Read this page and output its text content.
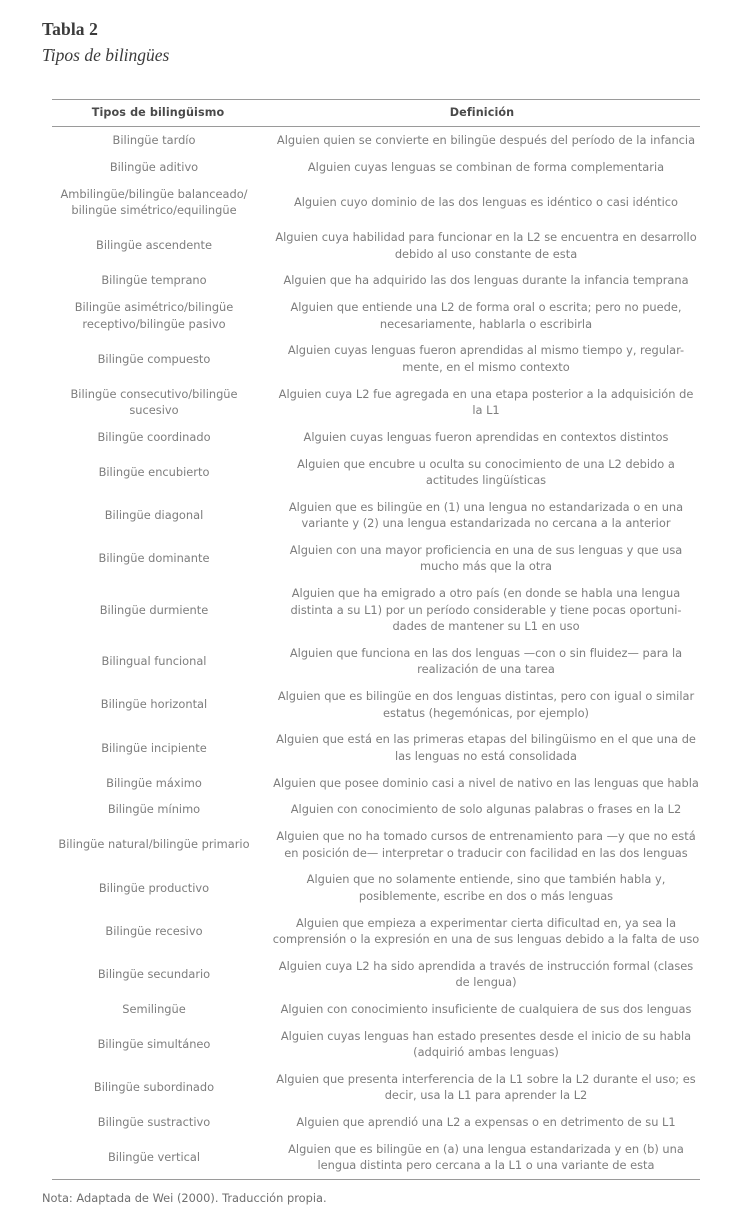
Tabla 2
Tipos de bilingües
Tipos de bilingüismo	Definición
Bilingüe tardío	Alguien quien se convierte en bilingüe después del período de la infancia
Bilingüe aditivo	Alguien cuyas lenguas se combinan de forma complementaria
Ambilingüe/bilingüe balanceado/ bilingüe simétrico/equilingüe	Alguien cuyo dominio de las dos lenguas es idéntico o casi idéntico
Bilingüe ascendente	Alguien cuya habilidad para funcionar en la L2 se encuentra en desarrollo debido al uso constante de esta
Bilingüe temprano	Alguien que ha adquirido las dos lenguas durante la infancia temprana
Bilingüe asimétrico/bilingüe receptivo/bilingüe pasivo	Alguien que entiende una L2 de forma oral o escrita; pero no puede, necesariamente, hablarla o escribirla
Bilingüe compuesto	Alguien cuyas lenguas fueron aprendidas al mismo tiempo y, regular- mente, en el mismo contexto
Bilingüe consecutivo/bilingüe sucesivo	Alguien cuya L2 fue agregada en una etapa posterior a la adquisición de la L1
Bilingüe coordinado	Alguien cuyas lenguas fueron aprendidas en contextos distintos
Bilingüe encubierto	Alguien que encubre u oculta su conocimiento de una L2 debido a actitudes lingüísticas
Bilingüe diagonal	Alguien que es bilingüe en (1) una lengua no estandarizada o en una variante y (2) una lengua estandarizada no cercana a la anterior
Bilingüe dominante	Alguien con una mayor proficiencia en una de sus lenguas y que usa mucho más que la otra
Bilingüe durmiente	Alguien que ha emigrado a otro país (en donde se habla una lengua distinta a su L1) por un período considerable y tiene pocas oportuni- dades de mantener su L1 en uso
Bilingual funcional	Alguien que funciona en las dos lenguas —con o sin fluidez— para la realización de una tarea
Bilingüe horizontal	Alguien que es bilingüe en dos lenguas distintas, pero con igual o similar estatus (hegemónicas, por ejemplo)
Bilingüe incipiente	Alguien que está en las primeras etapas del bilingüismo en el que una de las lenguas no está consolidada
Bilingüe máximo	Alguien que posee dominio casi a nivel de nativo en las lenguas que habla
Bilingüe mínimo	Alguien con conocimiento de solo algunas palabras o frases en la L2
Bilingüe natural/bilingüe primario	Alguien que no ha tomado cursos de entrenamiento para —y que no está en posición de— interpretar o traducir con facilidad en las dos lenguas
Bilingüe productivo	Alguien que no solamente entiende, sino que también habla y, posiblemente, escribe en dos o más lenguas
Bilingüe recesivo	Alguien que empieza a experimentar cierta dificultad en, ya sea la comprensión o la expresión en una de sus lenguas debido a la falta de uso
Bilingüe secundario	Alguien cuya L2 ha sido aprendida a través de instrucción formal (clases de lengua)
Semilingüe	Alguien con conocimiento insuficiente de cualquiera de sus dos lenguas
Bilingüe simultáneo	Alguien cuyas lenguas han estado presentes desde el inicio de su habla (adquirió ambas lenguas)
Bilingüe subordinado	Alguien que presenta interferencia de la L1 sobre la L2 durante el uso; es decir, usa la L1 para aprender la L2
Bilingüe sustractivo	Alguien que aprendió una L2 a expensas o en detrimento de su L1
Bilingüe vertical	Alguien que es bilingüe en (a) una lengua estandarizada y en (b) una lengua distinta pero cercana a la L1 o una variante de esta
Nota: Adaptada de Wei (2000). Traducción propia.
